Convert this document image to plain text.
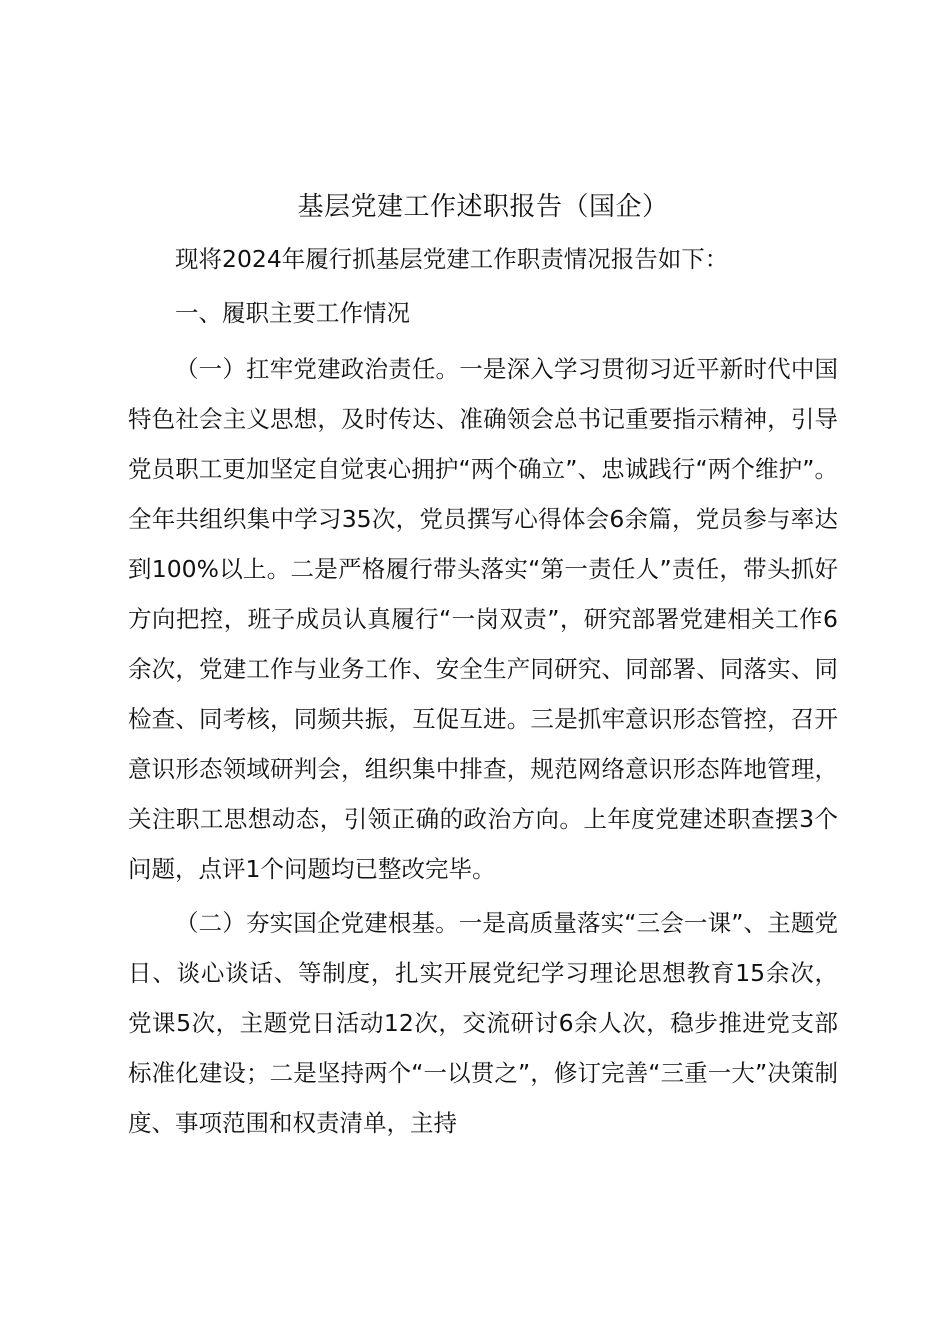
基层党建工作述职报告（国企）

现将2024年履行抓基层党建工作职责情况报告如下：

一、履职主要工作情况

（一）扛牢党建政治责任。一是深入学习贯彻习近平新时代中国特色社会主义思想，及时传达、准确领会总书记重要指示精神，引导党员职工更加坚定自觉衷心拥护“两个确立”、忠诚践行“两个维护”。全年共组织集中学习35次，党员撰写心得体会6余篇，党员参与率达到100%以上。二是严格履行带头落实“第一责任人”责任，带头抓好方向把控，班子成员认真履行“一岗双责”，研究部署党建相关工作6余次，党建工作与业务工作、安全生产同研究、同部署、同落实、同检查、同考核，同频共振，互促互进。三是抓牢意识形态管控，召开意识形态领域研判会，组织集中排查，规范网络意识形态阵地管理，关注职工思想动态，引领正确的政治方向。上年度党建述职查摆3个问题，点评1个问题均已整改完毕。

（二）夯实国企党建根基。一是高质量落实“三会一课”、主题党日、谈心谈话、等制度，扎实开展党纪学习理论思想教育15余次，党课5次，主题党日活动12次，交流研讨6余人次，稳步推进党支部标准化建设；二是坚持两个“一以贯之”，修订完善“三重一大”决策制度、事项范围和权责清单，主持
